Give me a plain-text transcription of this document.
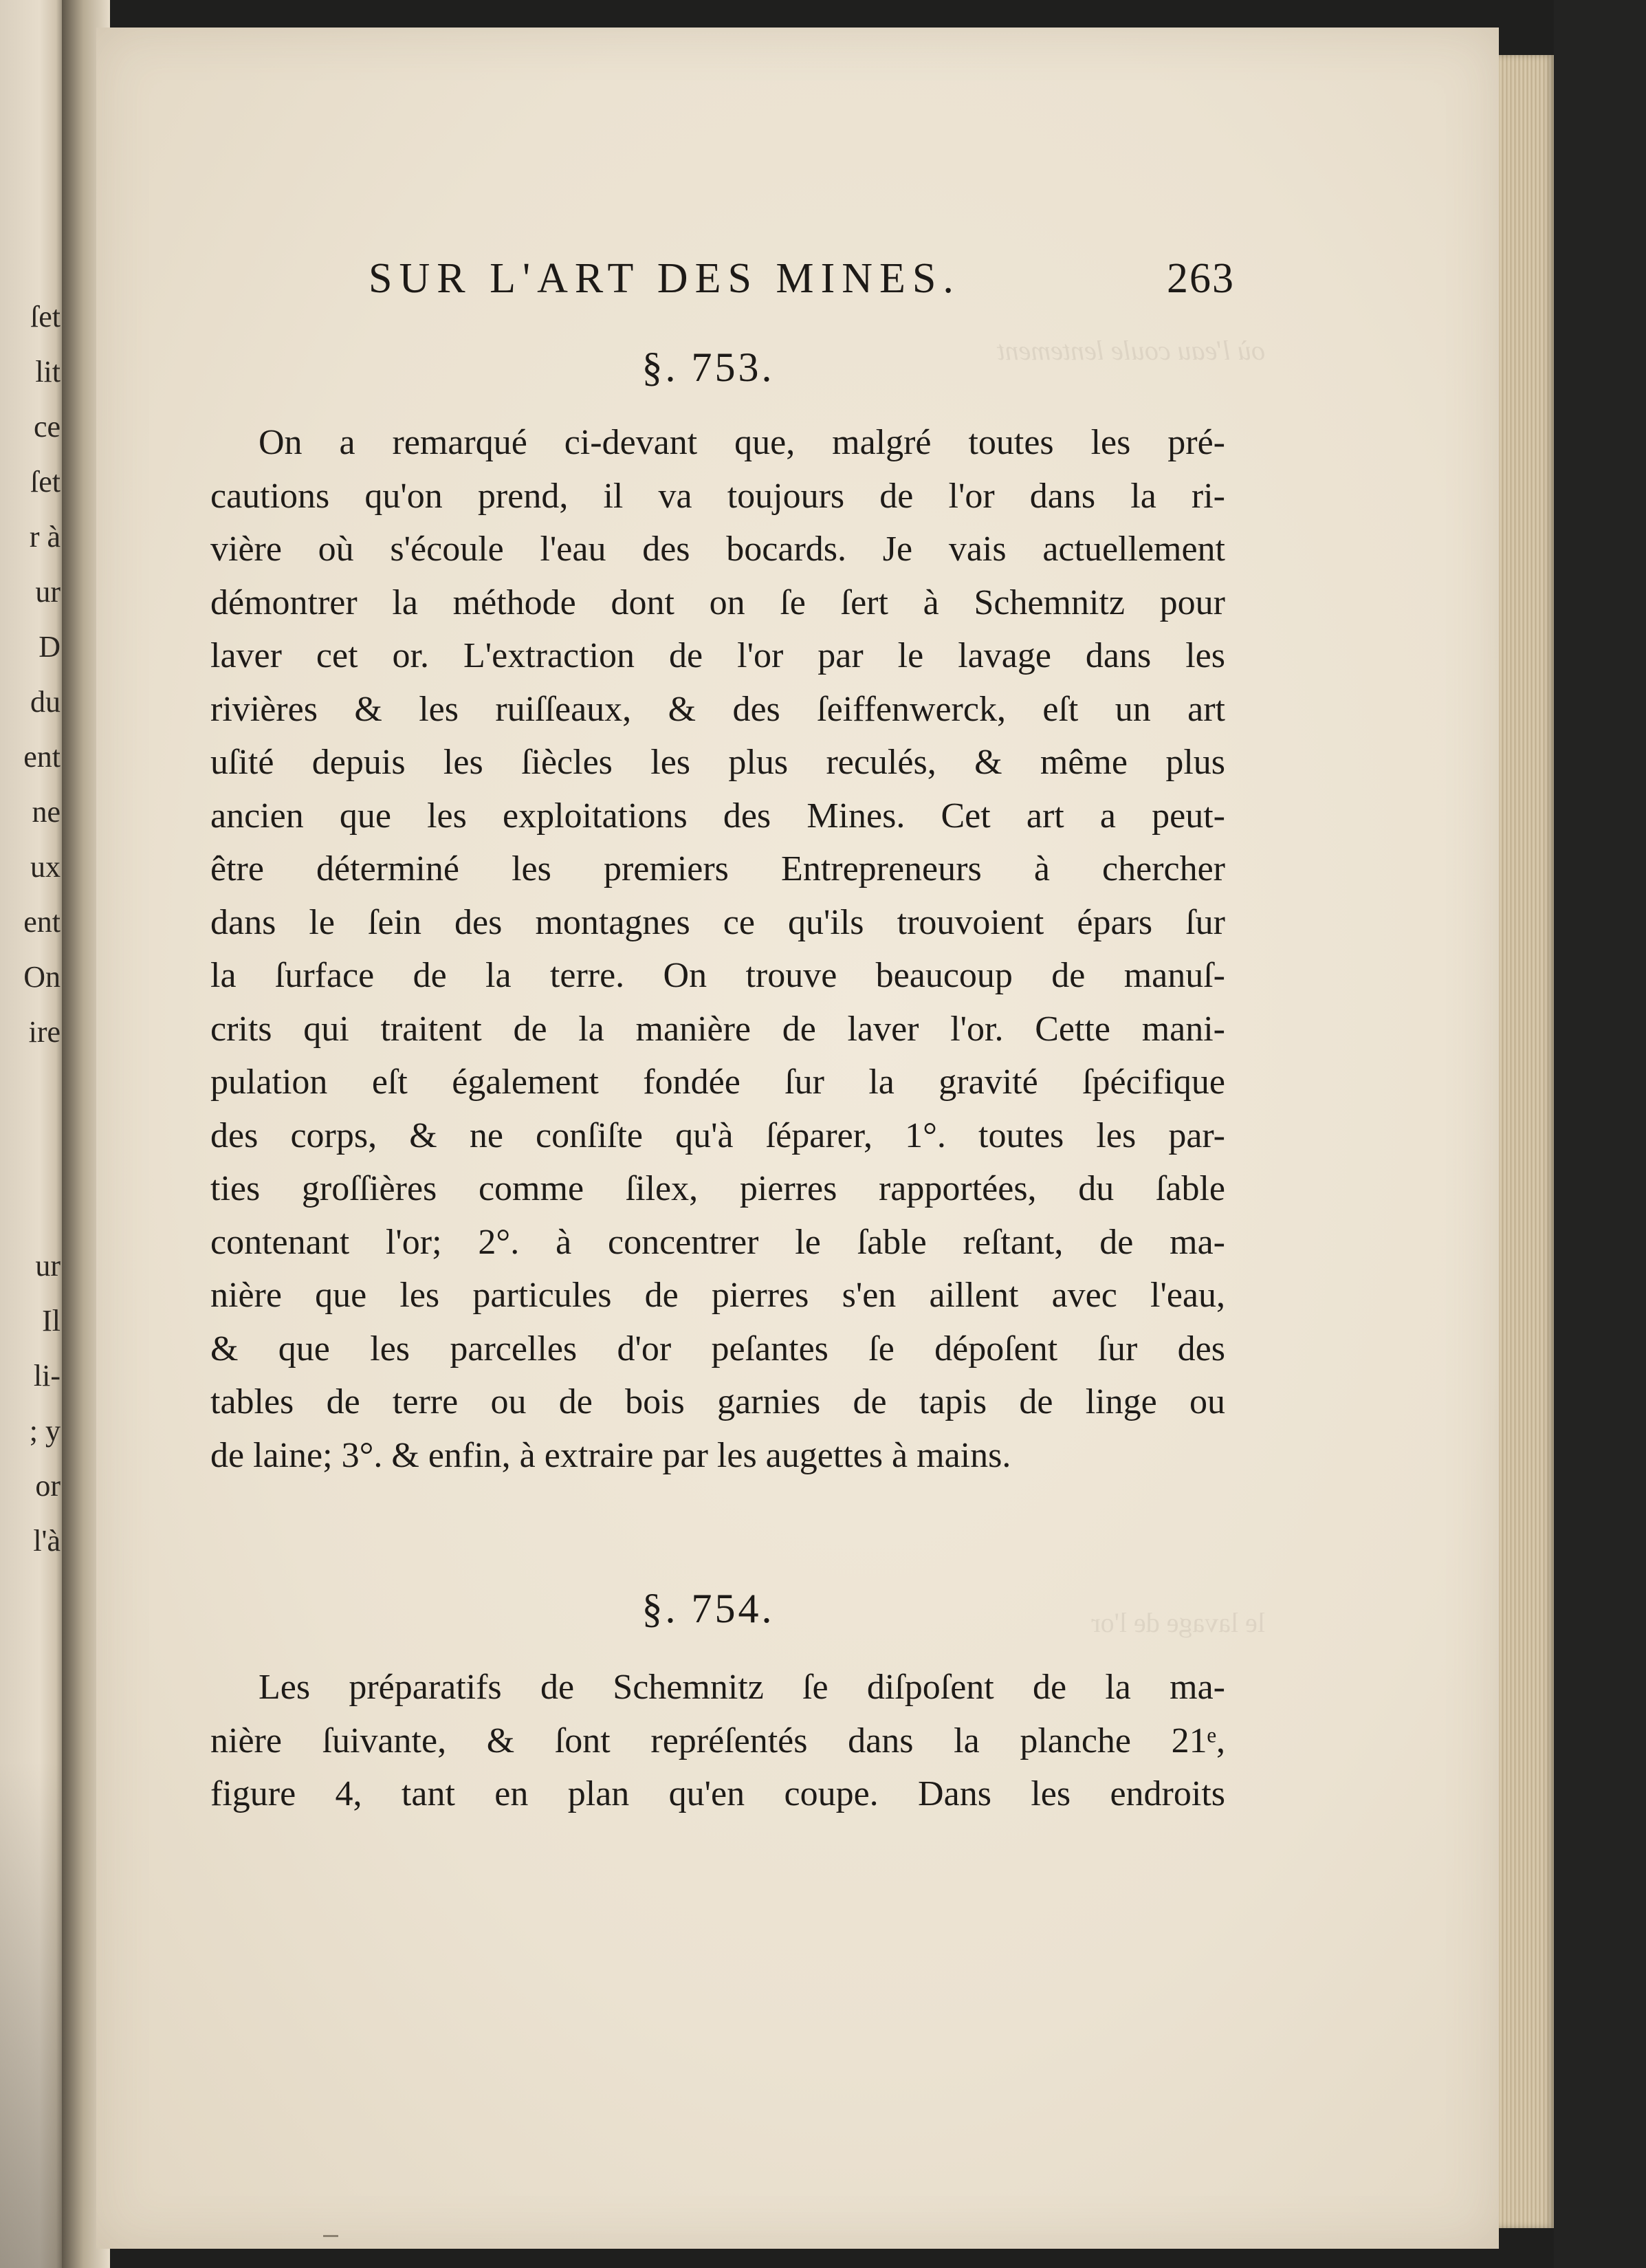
ſet
lit
ce
ſet
r à
ur
D
du
ent
ne
ux
ent
On
ire
ur
Il
li-
; y
or
l'à
où l'eau coule lentement
le lavage de l'or
SUR L'ART DES MINES.	263
§. 753.
On a remarqué ci-devant que, malgré toutes les pré-
cautions qu'on prend, il va toujours de l'or dans la ri-
vière où s'écoule l'eau des bocards. Je vais actuellement
démontrer la méthode dont on ſe ſert à Schemnitz pour
laver cet or. L'extraction de l'or par le lavage dans les
rivières & les ruiſſeaux, & des ſeiffenwerck, eſt un art
uſité depuis les ſiècles les plus reculés, & même plus
ancien que les exploitations des Mines. Cet art a peut-
être déterminé les premiers Entrepreneurs à chercher
dans le ſein des montagnes ce qu'ils trouvoient épars ſur
la ſurface de la terre. On trouve beaucoup de manuſ-
crits qui traitent de la manière de laver l'or. Cette mani-
pulation eſt également fondée ſur la gravité ſpécifique
des corps, & ne conſiſte qu'à ſéparer, 1°. toutes les par-
ties groſſières comme ſilex, pierres rapportées, du ſable
contenant l'or; 2°. à concentrer le ſable reſtant, de ma-
nière que les particules de pierres s'en aillent avec l'eau,
& que les parcelles d'or peſantes ſe dépoſent ſur des
tables de terre ou de bois garnies de tapis de linge ou
de laine; 3°. & enfin, à extraire par les augettes à mains.
§. 754.
Les préparatifs de Schemnitz ſe diſpoſent de la ma-
nière ſuivante, & ſont repréſentés dans la planche 21ᵉ,
figure 4, tant en plan qu'en coupe. Dans les endroits
